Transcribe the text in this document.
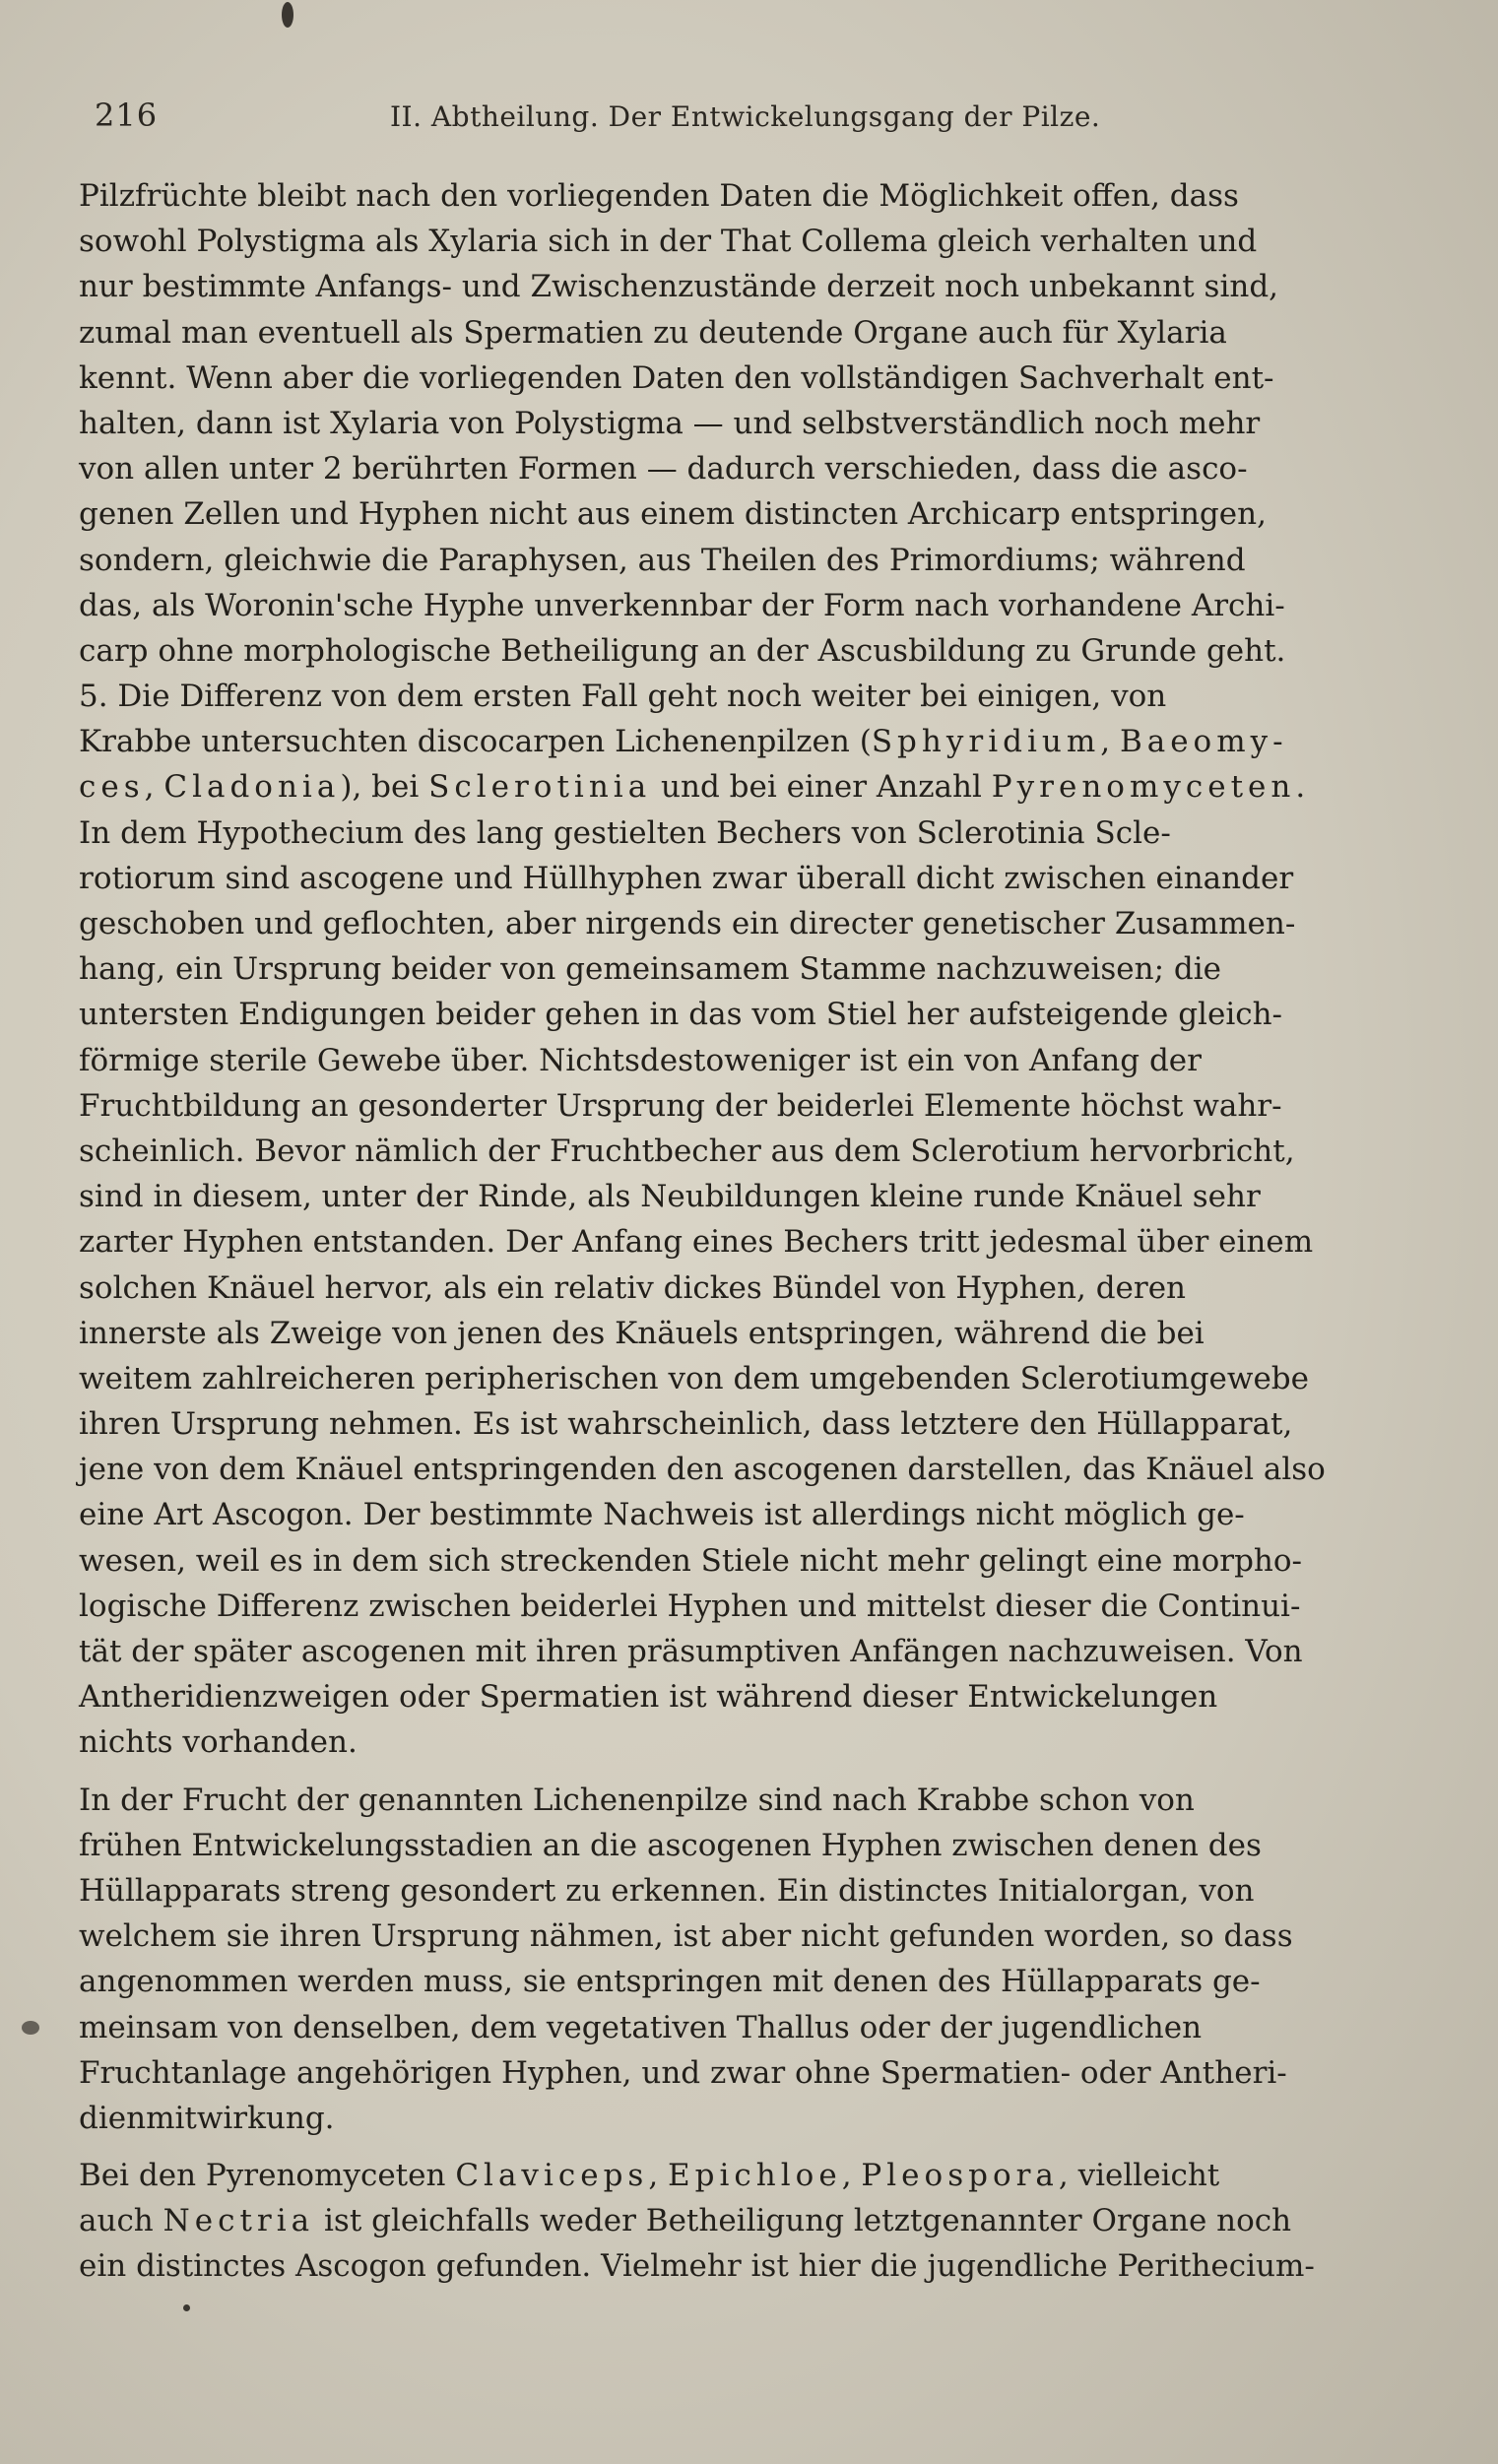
216	II. Abtheilung. Der Entwickelungsgang der Pilze.
Pilzfrüchte bleibt nach den vorliegenden Daten die Möglichkeit offen, dass
sowohl Polystigma als Xylaria sich in der That Collema gleich verhalten und
nur bestimmte Anfangs- und Zwischenzustände derzeit noch unbekannt sind,
zumal man eventuell als Spermatien zu deutende Organe auch für Xylaria
kennt. Wenn aber die vorliegenden Daten den vollständigen Sachverhalt ent-
halten, dann ist Xylaria von Polystigma — und selbstverständlich noch mehr
von allen unter 2 berührten Formen — dadurch verschieden, dass die asco-
genen Zellen und Hyphen nicht aus einem distincten Archicarp entspringen,
sondern, gleichwie die Paraphysen, aus Theilen des Primordiums; während
das, als Woronin'sche Hyphe unverkennbar der Form nach vorhandene Archi-
carp ohne morphologische Betheiligung an der Ascusbildung zu Grunde geht.
5. Die Differenz von dem ersten Fall geht noch weiter bei einigen, von
Krabbe untersuchten discocarpen Lichenenpilzen (Sphyridium, Baeomy-
ces, Cladonia), bei Sclerotinia und bei einer Anzahl Pyrenomyceten.
In dem Hypothecium des lang gestielten Bechers von Sclerotinia Scle-
rotiorum sind ascogene und Hüllhyphen zwar überall dicht zwischen einander
geschoben und geflochten, aber nirgends ein directer genetischer Zusammen-
hang, ein Ursprung beider von gemeinsamem Stamme nachzuweisen; die
untersten Endigungen beider gehen in das vom Stiel her aufsteigende gleich-
förmige sterile Gewebe über. Nichtsdestoweniger ist ein von Anfang der
Fruchtbildung an gesonderter Ursprung der beiderlei Elemente höchst wahr-
scheinlich. Bevor nämlich der Fruchtbecher aus dem Sclerotium hervorbricht,
sind in diesem, unter der Rinde, als Neubildungen kleine runde Knäuel sehr
zarter Hyphen entstanden. Der Anfang eines Bechers tritt jedesmal über einem
solchen Knäuel hervor, als ein relativ dickes Bündel von Hyphen, deren
innerste als Zweige von jenen des Knäuels entspringen, während die bei
weitem zahlreicheren peripherischen von dem umgebenden Sclerotiumgewebe
ihren Ursprung nehmen. Es ist wahrscheinlich, dass letztere den Hüllapparat,
jene von dem Knäuel entspringenden den ascogenen darstellen, das Knäuel also
eine Art Ascogon. Der bestimmte Nachweis ist allerdings nicht möglich ge-
wesen, weil es in dem sich streckenden Stiele nicht mehr gelingt eine morpho-
logische Differenz zwischen beiderlei Hyphen und mittelst dieser die Continui-
tät der später ascogenen mit ihren präsumptiven Anfängen nachzuweisen. Von
Antheridienzweigen oder Spermatien ist während dieser Entwickelungen
nichts vorhanden.
In der Frucht der genannten Lichenenpilze sind nach Krabbe schon von
frühen Entwickelungsstadien an die ascogenen Hyphen zwischen denen des
Hüllapparats streng gesondert zu erkennen. Ein distinctes Initialorgan, von
welchem sie ihren Ursprung nähmen, ist aber nicht gefunden worden, so dass
angenommen werden muss, sie entspringen mit denen des Hüllapparats ge-
meinsam von denselben, dem vegetativen Thallus oder der jugendlichen
Fruchtanlage angehörigen Hyphen, und zwar ohne Spermatien- oder Antheri-
dienmitwirkung.
Bei den Pyrenomyceten Claviceps, Epichloe, Pleospora, vielleicht
auch Nectria ist gleichfalls weder Betheiligung letztgenannter Organe noch
ein distinctes Ascogon gefunden. Vielmehr ist hier die jugendliche Perithecium-
